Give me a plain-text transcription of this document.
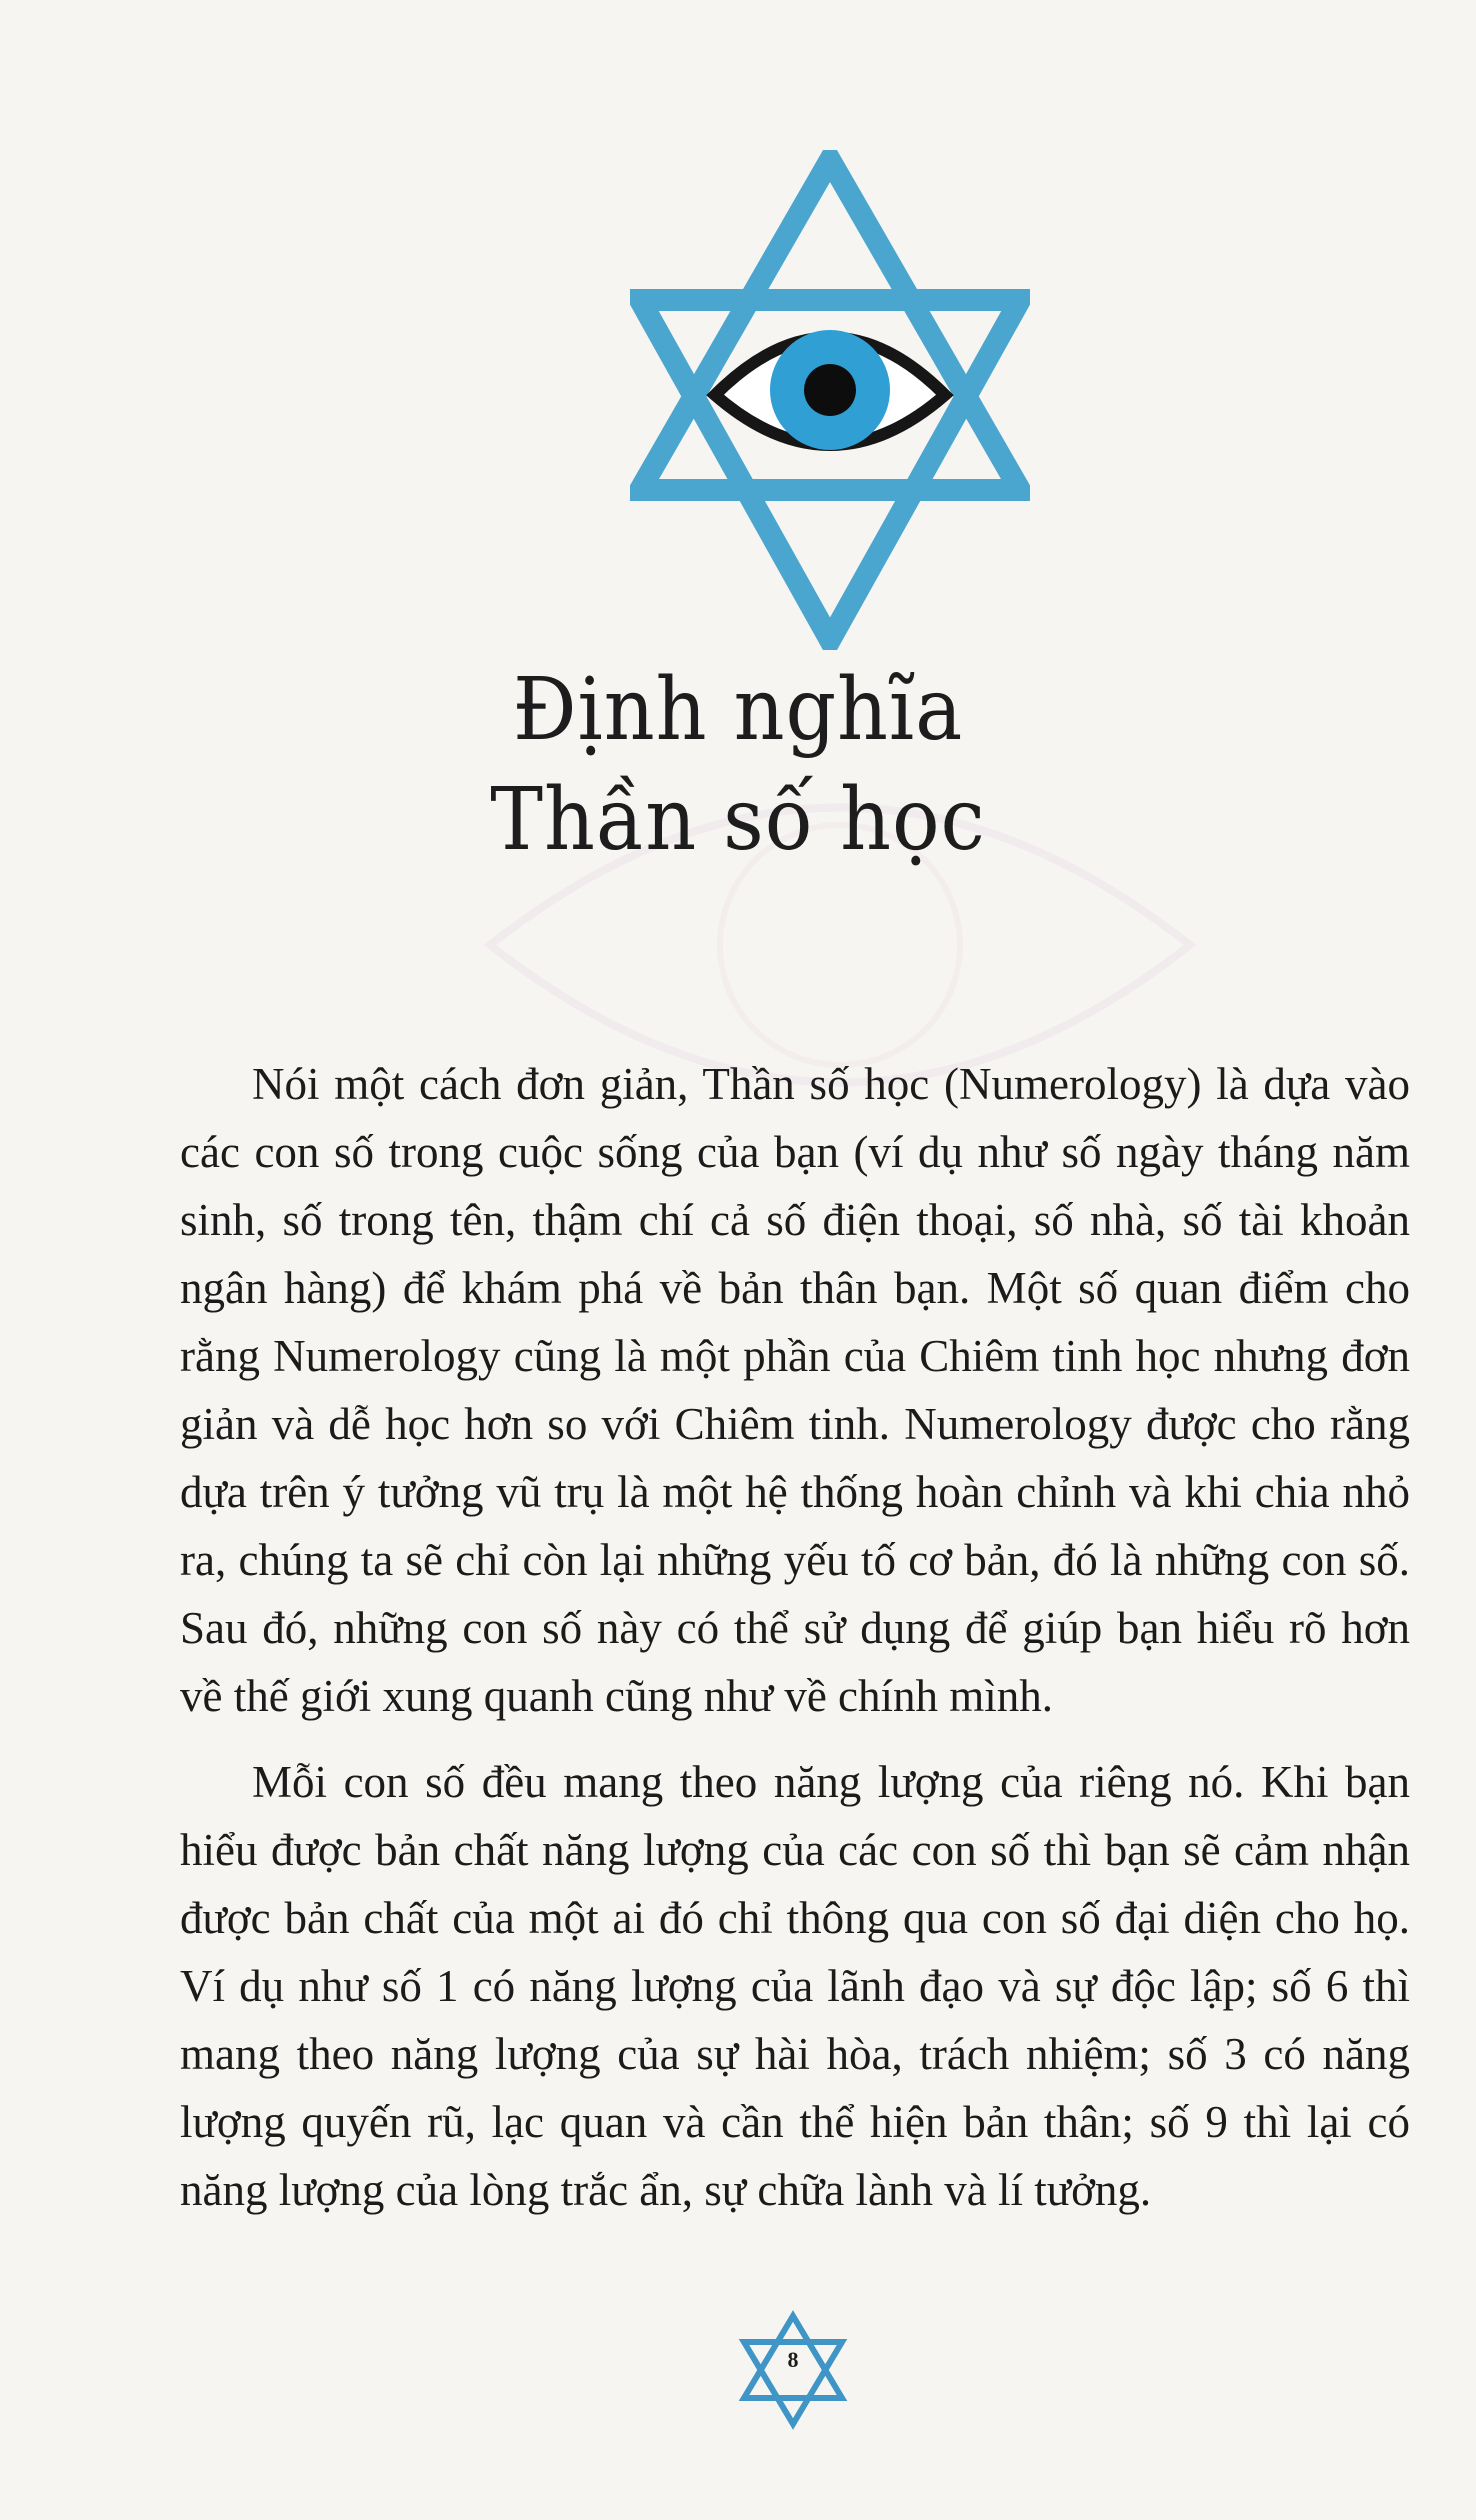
Định nghĩa
Thần số học

Nói một cách đơn giản, Thần số học (Numerology) là dựa vào các con số trong cuộc sống của bạn (ví dụ như số ngày tháng năm sinh, số trong tên, thậm chí cả số điện thoại, số nhà, số tài khoản ngân hàng) để khám phá về bản thân bạn. Một số quan điểm cho rằng Numerology cũng là một phần của Chiêm tinh học nhưng đơn giản và dễ học hơn so với Chiêm tinh. Numerology được cho rằng dựa trên ý tưởng vũ trụ là một hệ thống hoàn chỉnh và khi chia nhỏ ra, chúng ta sẽ chỉ còn lại những yếu tố cơ bản, đó là những con số. Sau đó, những con số này có thể sử dụng để giúp bạn hiểu rõ hơn về thế giới xung quanh cũng như về chính mình.

Mỗi con số đều mang theo năng lượng của riêng nó. Khi bạn hiểu được bản chất năng lượng của các con số thì bạn sẽ cảm nhận được bản chất của một ai đó chỉ thông qua con số đại diện cho họ. Ví dụ như số 1 có năng lượng của lãnh đạo và sự độc lập; số 6 thì mang theo năng lượng của sự hài hòa, trách nhiệm; số 3 có năng lượng quyến rũ, lạc quan và cần thể hiện bản thân; số 9 thì lại có năng lượng của lòng trắc ẩn, sự chữa lành và lí tưởng.

8
